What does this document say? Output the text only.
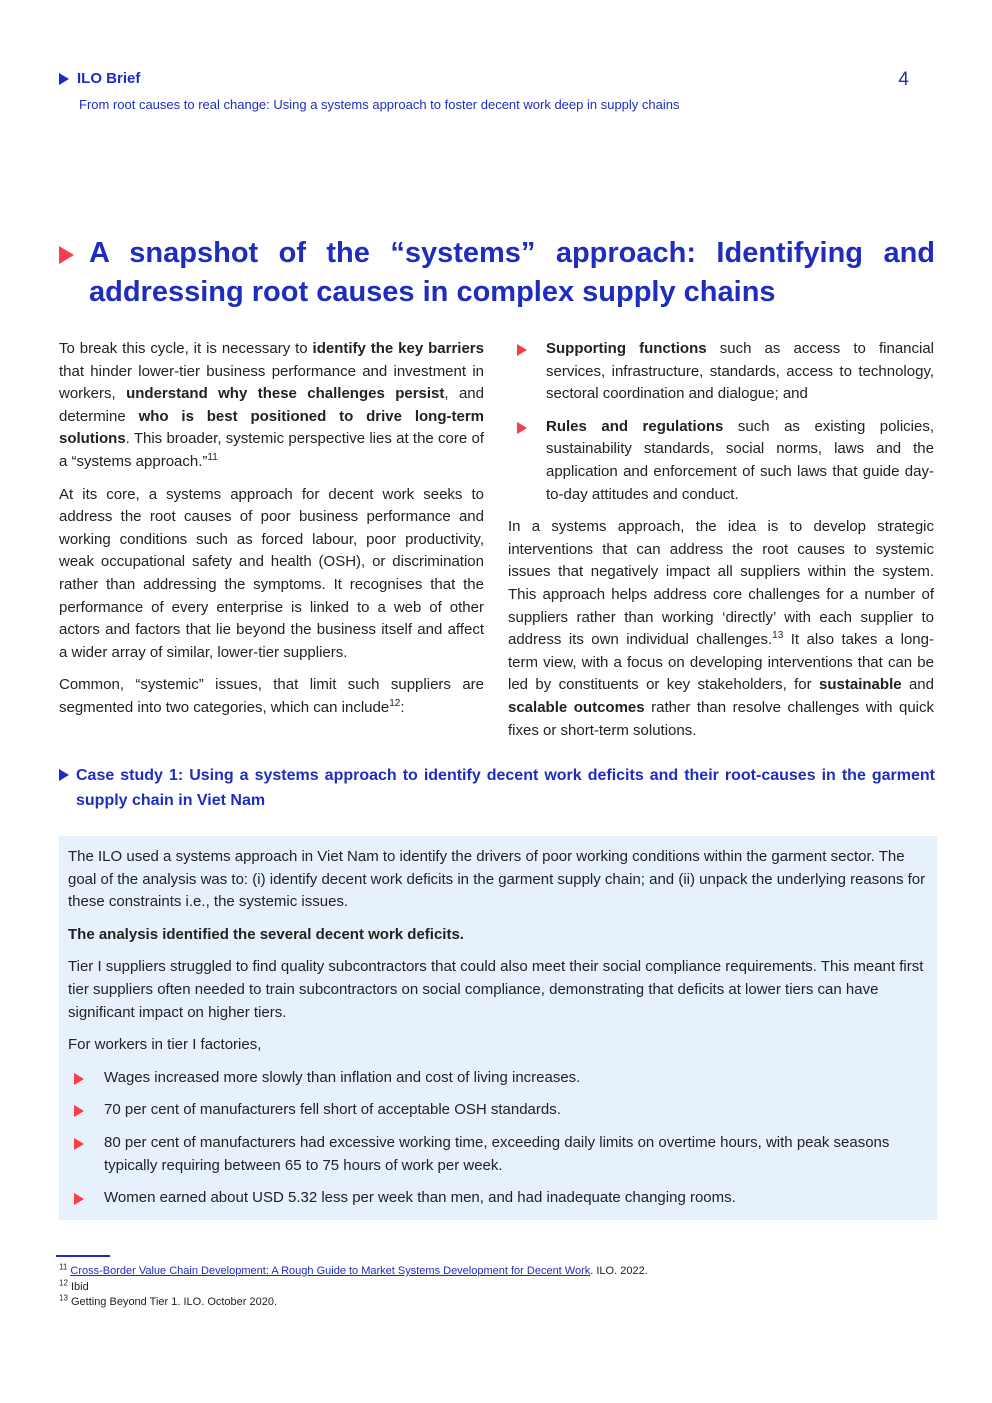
ILO Brief
From root causes to real change: Using a systems approach to foster decent work deep in supply chains
4
A snapshot of the “systems” approach: Identifying and addressing root causes in complex supply chains

To break this cycle, it is necessary to identify the key barriers that hinder lower-tier business performance and investment in workers, understand why these challenges persist, and determine who is best positioned to drive long-term solutions. This broader, systemic perspective lies at the core of a “systems approach.”$^{11}$

At its core, a systems approach for decent work seeks to address the root causes of poor business performance and working conditions such as forced labour, poor productivity, weak occupational safety and health (OSH), or discrimination rather than addressing the symptoms. It recognises that the performance of every enterprise is linked to a web of other actors and factors that lie beyond the business itself and affect a wider array of similar, lower-tier suppliers.

Common, “systemic” issues, that limit such suppliers are segmented into two categories, which can include$^{12}$:

Supporting functions such as access to financial services, infrastructure, standards, access to technology, sectoral coordination and dialogue; and
Rules and regulations such as existing policies, sustainability standards, social norms, laws and the application and enforcement of such laws that guide day-to-day attitudes and conduct.

In a systems approach, the idea is to develop strategic interventions that can address the root causes to systemic issues that negatively impact all suppliers within the system. This approach helps address core challenges for a number of suppliers rather than working ‘directly’ with each supplier to address its own individual challenges.$^{13}$ It also takes a long-term view, with a focus on developing interventions that can be led by constituents or key stakeholders, for sustainable and scalable outcomes rather than resolve challenges with quick fixes or short-term solutions.

Case study 1: Using a systems approach to identify decent work deficits and their root-causes in the garment supply chain in Viet Nam

The ILO used a systems approach in Viet Nam to identify the drivers of poor working conditions within the garment sector. The goal of the analysis was to: (i) identify decent work deficits in the garment supply chain; and (ii) unpack the underlying reasons for these constraints i.e., the systemic issues.

The analysis identified the several decent work deficits.

Tier I suppliers struggled to find quality subcontractors that could also meet their social compliance requirements. This meant first tier suppliers often needed to train subcontractors on social compliance, demonstrating that deficits at lower tiers can have significant impact on higher tiers.

For workers in tier I factories,

Wages increased more slowly than inflation and cost of living increases.
70 per cent of manufacturers fell short of acceptable OSH standards.
80 per cent of manufacturers had excessive working time, exceeding daily limits on overtime hours, with peak seasons typically requiring between 65 to 75 hours of work per week.
Women earned about USD 5.32 less per week than men, and had inadequate changing rooms.
$^{11}$ Cross-Border Value Chain Development: A Rough Guide to Market Systems Development for Decent Work. ILO. 2022.
$^{12}$ Ibid
$^{13}$ Getting Beyond Tier 1. ILO. October 2020.
